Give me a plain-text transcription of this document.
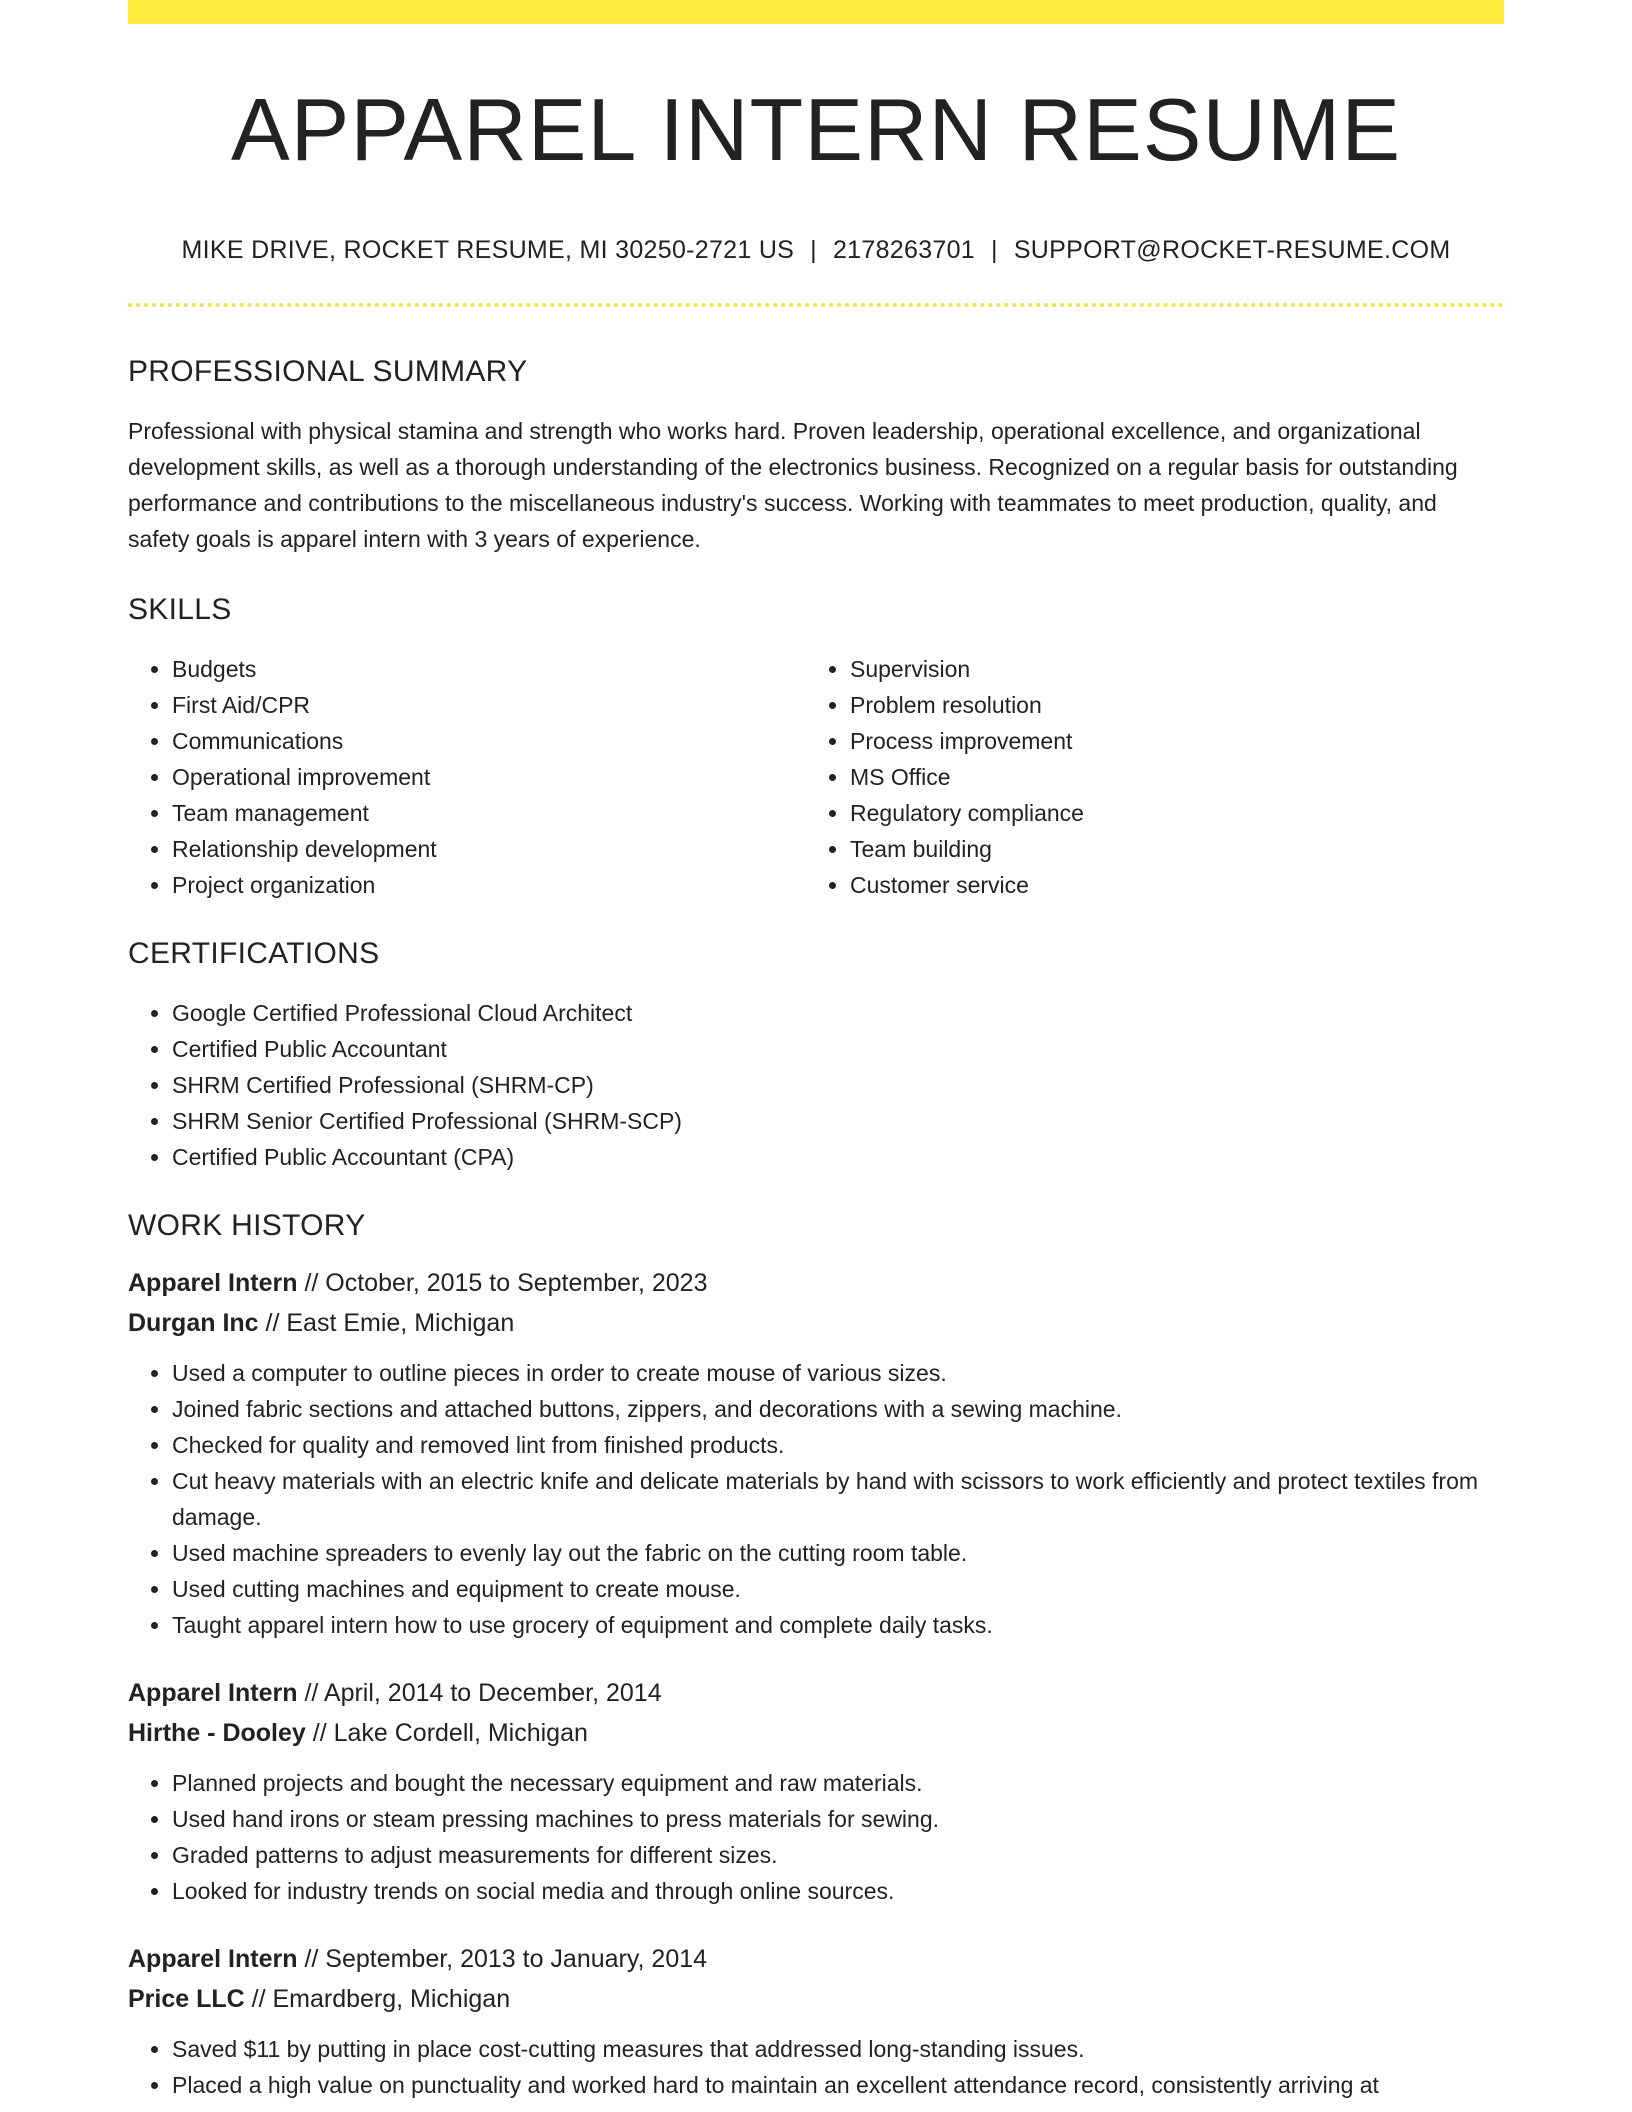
APPAREL INTERN RESUME
MIKE DRIVE, ROCKET RESUME, MI 30250-2721 US | 2178263701 | SUPPORT@ROCKET-RESUME.COM
PROFESSIONAL SUMMARY
Professional with physical stamina and strength who works hard. Proven leadership, operational excellence, and organizational development skills, as well as a thorough understanding of the electronics business. Recognized on a regular basis for outstanding performance and contributions to the miscellaneous industry's success. Working with teammates to meet production, quality, and safety goals is apparel intern with 3 years of experience.
SKILLS
• Budgets
• First Aid/CPR
• Communications
• Operational improvement
• Team management
• Relationship development
• Project organization
• Supervision
• Problem resolution
• Process improvement
• MS Office
• Regulatory compliance
• Team building
• Customer service
CERTIFICATIONS
• Google Certified Professional Cloud Architect
• Certified Public Accountant
• SHRM Certified Professional (SHRM-CP)
• SHRM Senior Certified Professional (SHRM-SCP)
• Certified Public Accountant (CPA)
WORK HISTORY
Apparel Intern // October, 2015 to September, 2023
Durgan Inc // East Emie, Michigan
• Used a computer to outline pieces in order to create mouse of various sizes.
• Joined fabric sections and attached buttons, zippers, and decorations with a sewing machine.
• Checked for quality and removed lint from finished products.
• Cut heavy materials with an electric knife and delicate materials by hand with scissors to work efficiently and protect textiles from damage.
• Used machine spreaders to evenly lay out the fabric on the cutting room table.
• Used cutting machines and equipment to create mouse.
• Taught apparel intern how to use grocery of equipment and complete daily tasks.
Apparel Intern // April, 2014 to December, 2014
Hirthe - Dooley // Lake Cordell, Michigan
• Planned projects and bought the necessary equipment and raw materials.
• Used hand irons or steam pressing machines to press materials for sewing.
• Graded patterns to adjust measurements for different sizes.
• Looked for industry trends on social media and through online sources.
Apparel Intern // September, 2013 to January, 2014
Price LLC // Emardberg, Michigan
• Saved $11 by putting in place cost-cutting measures that addressed long-standing issues.
• Placed a high value on punctuality and worked hard to maintain an excellent attendance record, consistently arriving at
